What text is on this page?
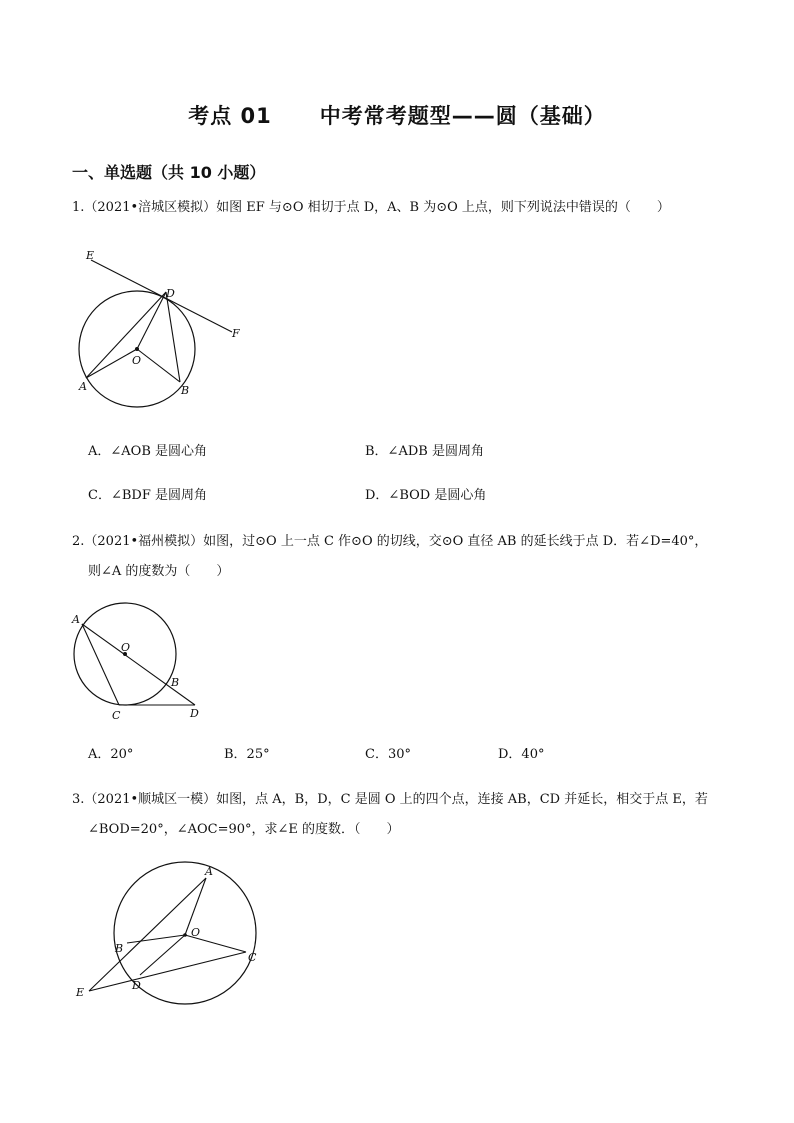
考点 01 中考常考题型——圆（基础）
一、单选题（共 10 小题）
1.（2021•涪城区模拟）如图 EF 与⊙O 相切于点 D，A、B 为⊙O 上点，则下列说法中错误的（　　）
E
D
F
O
A	B
A．∠AOB 是圆心角	B．∠ADB 是圆周角
C．∠BDF 是圆周角	D．∠BOD 是圆心角
2.（2021•福州模拟）如图，过⊙O 上一点 C 作⊙O 的切线，交⊙O 直径 AB 的延长线于点 D．若∠D=40°，
则∠A 的度数为（　　）
A
O
B
C	D
A．20°	B．25°	C．30°	D．40°
3.（2021•顺城区一模）如图，点 A，B，D，C 是圆 O 上的四个点，连接 AB，CD 并延长，相交于点 E，若
∠BOD=20°，∠AOC=90°，求∠E 的度数．（　　）
A
O
B
C
D
E
